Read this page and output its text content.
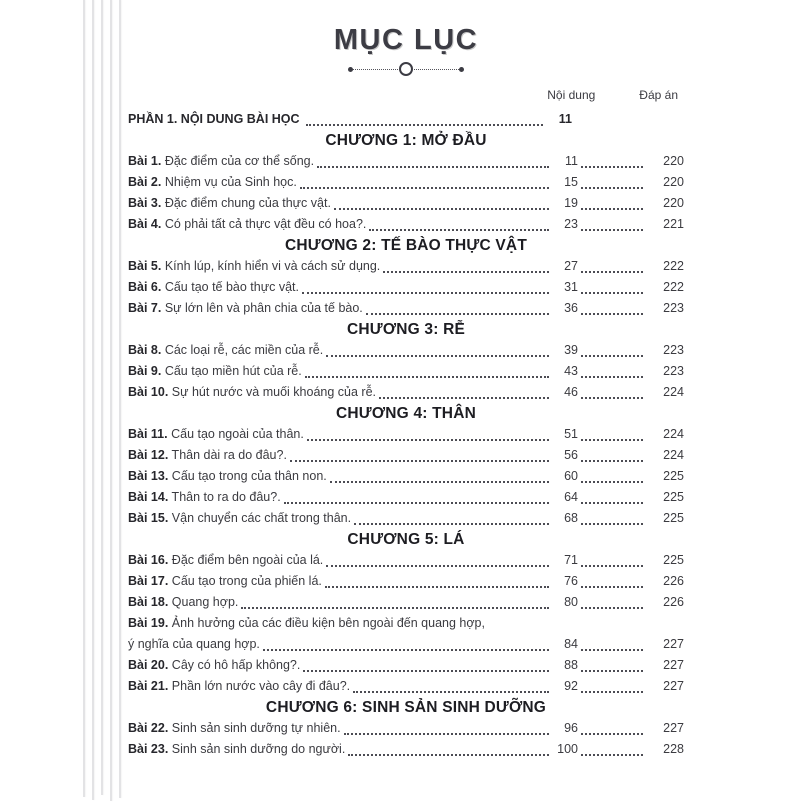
MỤC LỤC
Nội dung	Đáp án
PHẦN 1. NỘI DUNG BÀI HỌC	11
CHƯƠNG 1: MỞ ĐẦU
Bài 1. Đặc điểm của cơ thể sống.	11	220
Bài 2. Nhiệm vụ của Sinh học.	15	220
Bài 3. Đặc điểm chung của thực vật.	19	220
Bài 4. Có phải tất cả thực vật đều có hoa?.	23	221
CHƯƠNG 2: TẾ BÀO THỰC VẬT
Bài 5. Kính lúp, kính hiển vi và cách sử dụng.	27	222
Bài 6. Cấu tạo tế bào thực vật.	31	222
Bài 7. Sự lớn lên và phân chia của tế bào.	36	223
CHƯƠNG 3: RỄ
Bài 8. Các loại rễ, các miền của rễ.	39	223
Bài 9. Cấu tạo miền hút của rễ.	43	223
Bài 10. Sự hút nước và muối khoáng của rễ.	46	224
CHƯƠNG 4: THÂN
Bài 11. Cấu tạo ngoài của thân.	51	224
Bài 12. Thân dài ra do đâu?.	56	224
Bài 13. Cấu tạo trong của thân non.	60	225
Bài 14. Thân to ra do đâu?.	64	225
Bài 15. Vận chuyển các chất trong thân.	68	225
CHƯƠNG 5: LÁ
Bài 16. Đặc điểm bên ngoài của lá.	71	225
Bài 17. Cấu tạo trong của phiến lá.	76	226
Bài 18. Quang hợp.	80	226
Bài 19. Ảnh hưởng của các điều kiện bên ngoài đến quang hợp,
ý nghĩa của quang hợp.	84	227
Bài 20. Cây có hô hấp không?.	88	227
Bài 21. Phần lớn nước vào cây đi đâu?.	92	227
CHƯƠNG 6: SINH SẢN SINH DƯỠNG
Bài 22. Sinh sản sinh dưỡng tự nhiên.	96	227
Bài 23. Sinh sản sinh dưỡng do người.	100	228
